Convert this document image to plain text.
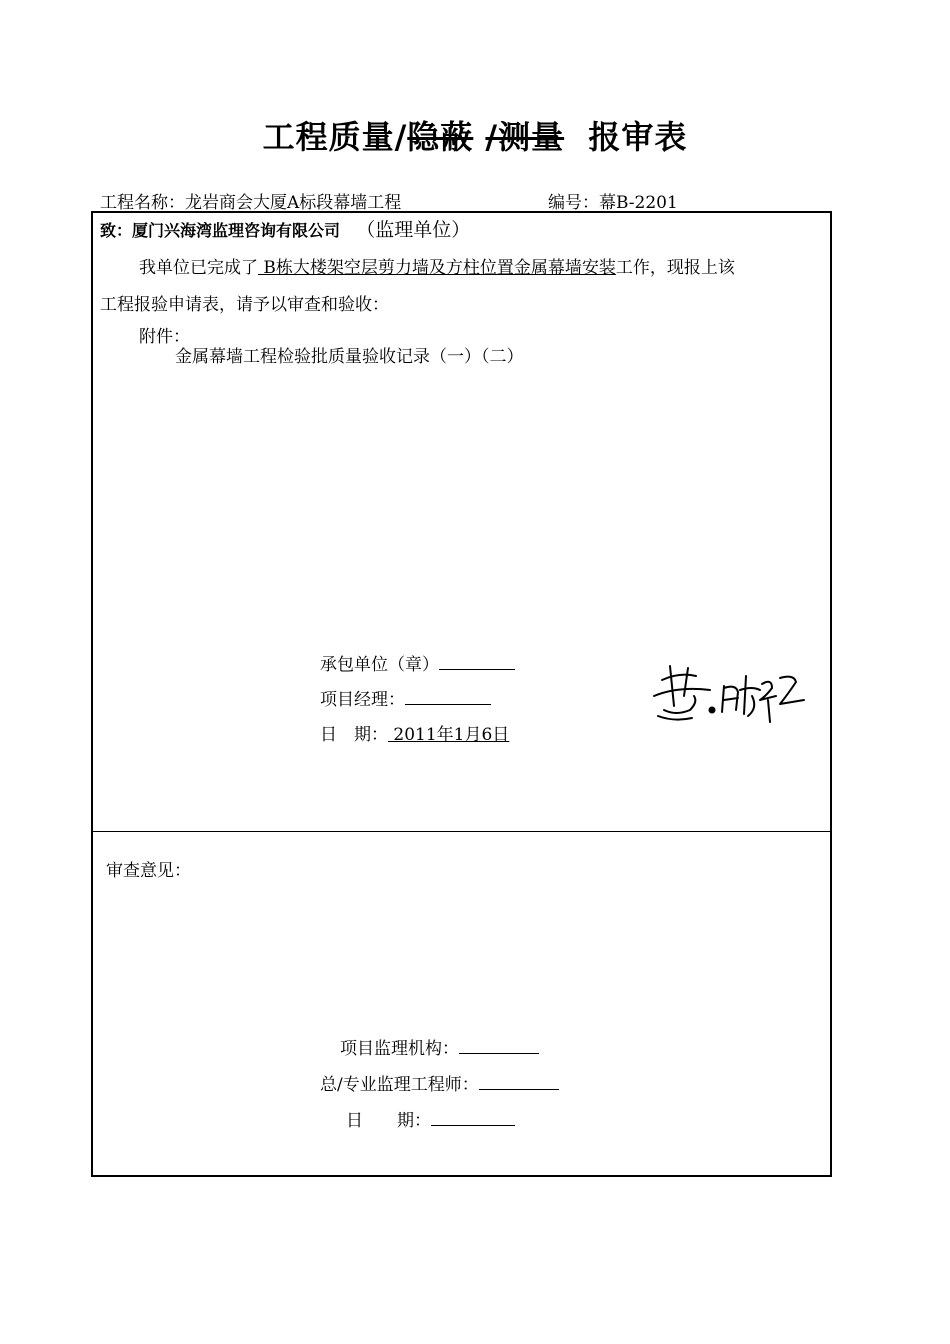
工程质量/隐蔽 /测量 报审表
工程名称：龙岩商会大厦A标段幕墙工程	编号：幕B-2201
致：厦门兴海湾监理咨询有限公司 （监理单位）
我单位已完成了 B栋大楼架空层剪力墙及方柱位置金属幕墙安装工作，现报上该
工程报验申请表，请予以审查和验收：
附件：
金属幕墙工程检验批质量验收记录（一）（二）
承包单位（章）
项目经理：
日　期： 2011年1月6日
审查意见：
项目监理机构：
总/专业监理工程师：
日　　期：
